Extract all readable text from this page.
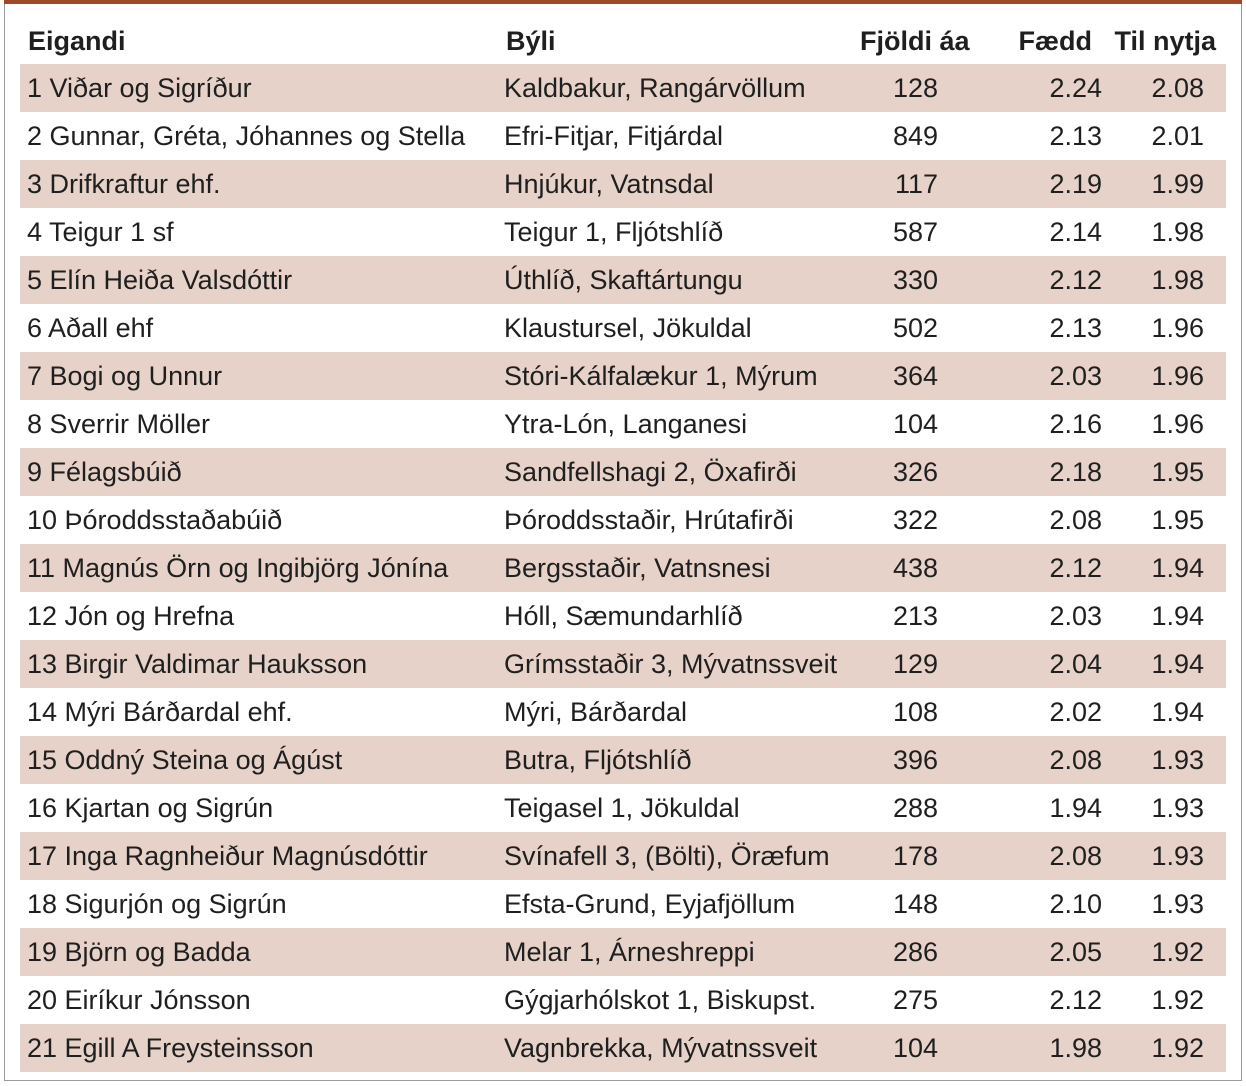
Eigandi	Býli	Fjöldi áa	Fædd	Til nytja
1 Viðar og Sigríður	Kaldbakur, Rangárvöllum	128	2.24	2.08
2 Gunnar, Gréta, Jóhannes og Stella	Efri-Fitjar, Fitjárdal	849	2.13	2.01
3 Drifkraftur ehf.	Hnjúkur, Vatnsdal	117	2.19	1.99
4 Teigur 1 sf	Teigur 1, Fljótshlíð	587	2.14	1.98
5 Elín Heiða Valsdóttir	Úthlíð, Skaftártungu	330	2.12	1.98
6 Aðall ehf	Klaustursel, Jökuldal	502	2.13	1.96
7 Bogi og Unnur	Stóri-Kálfalækur 1, Mýrum	364	2.03	1.96
8 Sverrir Möller	Ytra-Lón, Langanesi	104	2.16	1.96
9 Félagsbúið	Sandfellshagi 2, Öxafirði	326	2.18	1.95
10 Þóroddsstaðabúið	Þóroddsstaðir, Hrútafirði	322	2.08	1.95
11 Magnús Örn og Ingibjörg Jónína	Bergsstaðir, Vatnsnesi	438	2.12	1.94
12 Jón og Hrefna	Hóll, Sæmundarhlíð	213	2.03	1.94
13 Birgir Valdimar Hauksson	Grímsstaðir 3, Mývatnssveit	129	2.04	1.94
14 Mýri Bárðardal ehf.	Mýri, Bárðardal	108	2.02	1.94
15 Oddný Steina og Ágúst	Butra, Fljótshlíð	396	2.08	1.93
16 Kjartan og Sigrún	Teigasel 1, Jökuldal	288	1.94	1.93
17 Inga Ragnheiður Magnúsdóttir	Svínafell 3, (Bölti), Öræfum	178	2.08	1.93
18 Sigurjón og Sigrún	Efsta-Grund, Eyjafjöllum	148	2.10	1.93
19 Björn og Badda	Melar 1, Árneshreppi	286	2.05	1.92
20 Eiríkur Jónsson	Gýgjarhólskot 1, Biskupst.	275	2.12	1.92
21 Egill A Freysteinsson	Vagnbrekka, Mývatnssveit	104	1.98	1.92
